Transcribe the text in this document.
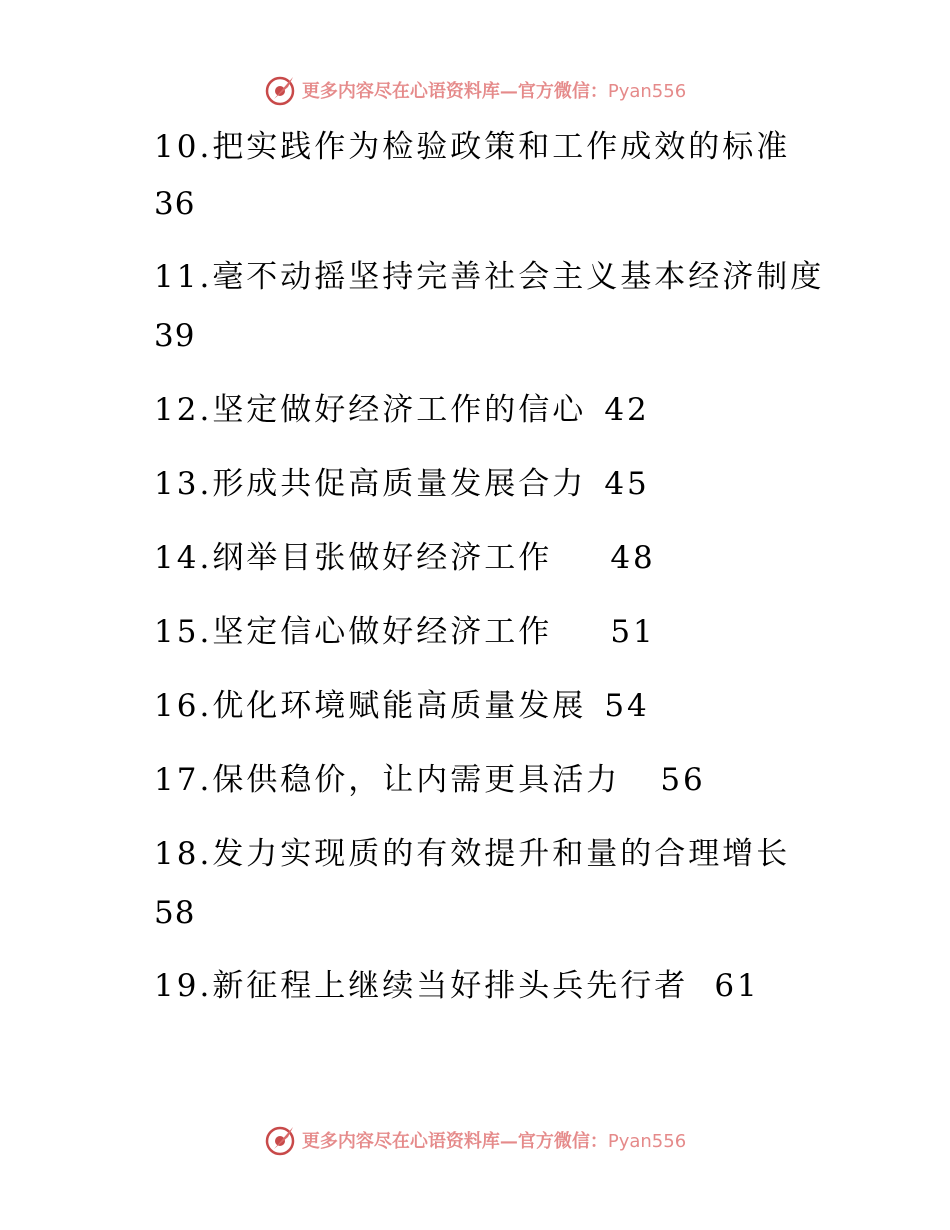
更多内容尽在心语资料库—官方微信：Pyan556
10.把实践作为检验政策和工作成效的标准
36
11.毫不动摇坚持完善社会主义基本经济制度
39
12.坚定做好经济工作的信心 42
13.形成共促高质量发展合力 45
14.纲举目张做好经济工作 48
15.坚定信心做好经济工作 51
16.优化环境赋能高质量发展 54
17.保供稳价，让内需更具活力 56
18.发力实现质的有效提升和量的合理增长
58
19.新征程上继续当好排头兵先行者 61
更多内容尽在心语资料库—官方微信：Pyan556
